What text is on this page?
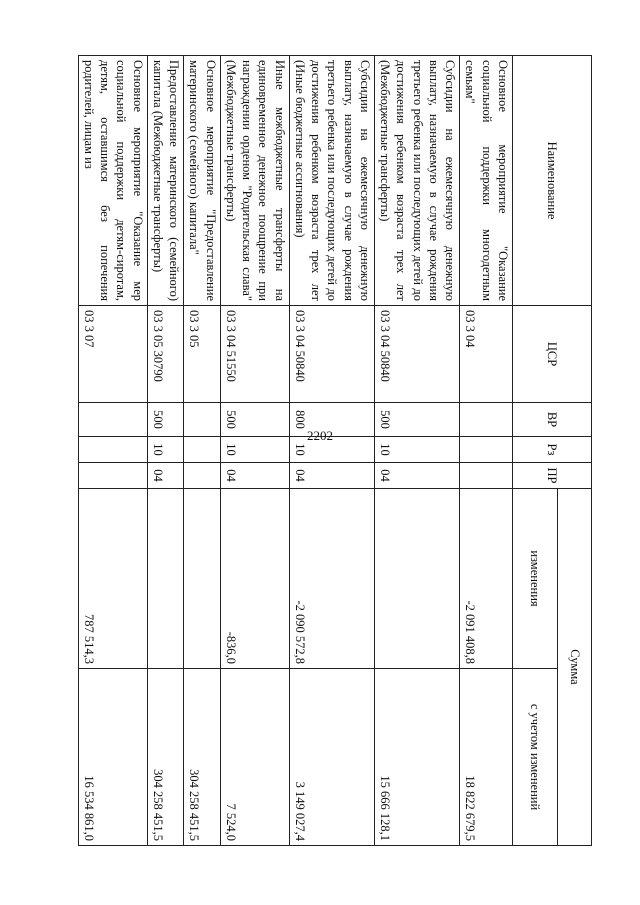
2202
Наименование	ЦСР	ВР	Рз	ПР	Сумма	
					изменения	с учетом изменений
Основное мероприятие "Оказание социальной поддержки многодетным семьям"	03 3 04				-2 091 408,8	18 822 679,5
Субсидии на ежемесячную денежную выплату, назначаемую в случае рождения третьего ребенка или последующих детей до достижения ребенком возраста трех лет (Межбюджетные трансферты)	03 3 04 50840	500	10	04		15 666 128,1
Субсидии на ежемесячную денежную выплату, назначаемую в случае рождения третьего ребенка или последующих детей до достижения ребенком возраста трех лет (Иные бюджетные ассигнования)	03 3 04 50840	800	10	04	-2 090 572,8	3 149 027,4
Иные межбюджетные трансферты на единовременное денежное поощрение при награждении орденом "Родительская слава" (Межбюджетные трансферты)	03 3 04 51550	500	10	04	-836,0	7 524,0
Основное мероприятие "Предоставление материнского (семейного) капитала"	03 3 05					304 258 451,5
Предоставление материнского (семейного) капитала (Межбюджетные трансферты)	03 3 05 30790	500	10	04		304 258 451,5
Основное мероприятие "Оказание мер социальной поддержки детям-сиротам, детям, оставшимся без попечения родителей, лицам из	03 3 07				787 514,3	16 534 861,0
